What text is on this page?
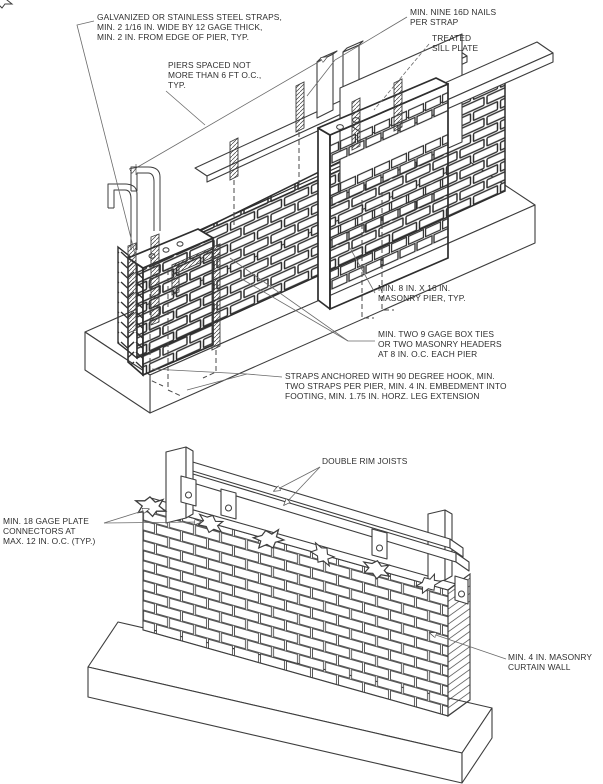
GALVANIZED OR STAINLESS STEEL STRAPS,
MIN. 2 1/16 IN. WIDE BY 12 GAGE THICK,
MIN. 2 IN. FROM EDGE OF PIER, TYP.
PIERS SPACED NOT
MORE THAN 6 FT O.C.,
TYP.
MIN. NINE 16D NAILS
PER STRAP
TREATED
SILL PLATE
MIN. 8 IN. X 16 IN.
MASONRY PIER, TYP.
MIN. TWO 9 GAGE BOX TIES
OR TWO MASONRY HEADERS
AT 8 IN. O.C. EACH PIER
STRAPS ANCHORED WITH 90 DEGREE HOOK, MIN.
TWO STRAPS PER PIER, MIN. 4 IN. EMBEDMENT INTO
FOOTING, MIN. 1.75 IN. HORZ. LEG EXTENSION
DOUBLE RIM JOISTS
MIN. 18 GAGE PLATE
CONNECTORS AT
MAX. 12 IN. O.C. (TYP.)
MIN. 4 IN. MASONRY
CURTAIN WALL
